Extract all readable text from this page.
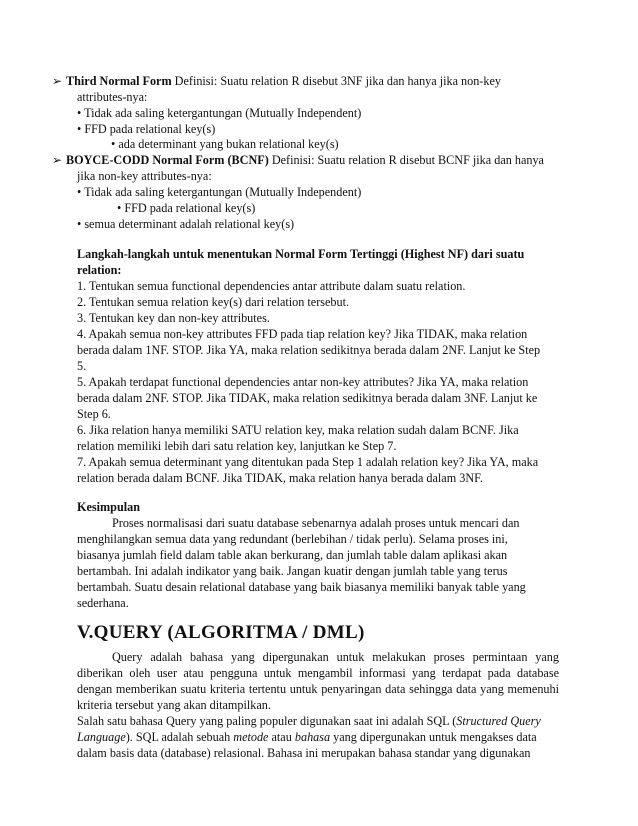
➢ Third Normal Form Definisi: Suatu relation R disebut 3NF jika dan hanya jika non-key
attributes-nya:
• Tidak ada saling ketergantungan (Mutually Independent)
• FFD pada relational key(s)
• ada determinant yang bukan relational key(s)
➢ BOYCE-CODD Normal Form (BCNF) Definisi: Suatu relation R disebut BCNF jika dan hanya
jika non-key attributes-nya:
• Tidak ada saling ketergantungan (Mutually Independent)
• FFD pada relational key(s)
• semua determinant adalah relational key(s)
Langkah-langkah untuk menentukan Normal Form Tertinggi (Highest NF) dari suatu
relation:
1. Tentukan semua functional dependencies antar attribute dalam suatu relation.
2. Tentukan semua relation key(s) dari relation tersebut.
3. Tentukan key dan non-key attributes.
4. Apakah semua non-key attributes FFD pada tiap relation key? Jika TIDAK, maka relation
berada dalam 1NF. STOP. Jika YA, maka relation sedikitnya berada dalam 2NF. Lanjut ke Step
5.
5. Apakah terdapat functional dependencies antar non-key attributes? Jika YA, maka relation
berada dalam 2NF. STOP. Jika TIDAK, maka relation sedikitnya berada dalam 3NF. Lanjut ke
Step 6.
6. Jika relation hanya memiliki SATU relation key, maka relation sudah dalam BCNF. Jika
relation memiliki lebih dari satu relation key, lanjutkan ke Step 7.
7. Apakah semua determinant yang ditentukan pada Step 1 adalah relation key? Jika YA, maka
relation berada dalam BCNF. Jika TIDAK, maka relation hanya berada dalam 3NF.
Kesimpulan
Proses normalisasi dari suatu database sebenarnya adalah proses untuk mencari dan
menghilangkan semua data yang redundant (berlebihan / tidak perlu). Selama proses ini,
biasanya jumlah field dalam table akan berkurang, dan jumlah table dalam aplikasi akan
bertambah. Ini adalah indikator yang baik. Jangan kuatir dengan jumlah table yang terus
bertambah. Suatu desain relational database yang baik biasanya memiliki banyak table yang
sederhana.
V.QUERY (ALGORITMA / DML)
Query adalah bahasa yang dipergunakan untuk melakukan proses permintaan yang
diberikan oleh user atau pengguna untuk mengambil informasi yang terdapat pada database
dengan memberikan suatu kriteria tertentu untuk penyaringan data sehingga data yang memenuhi
kriteria tersebut yang akan ditampilkan.
Salah satu bahasa Query yang paling populer digunakan saat ini adalah SQL (Structured Query
Language). SQL adalah sebuah metode atau bahasa yang dipergunakan untuk mengakses data
dalam basis data (database) relasional. Bahasa ini merupakan bahasa standar yang digunakan
